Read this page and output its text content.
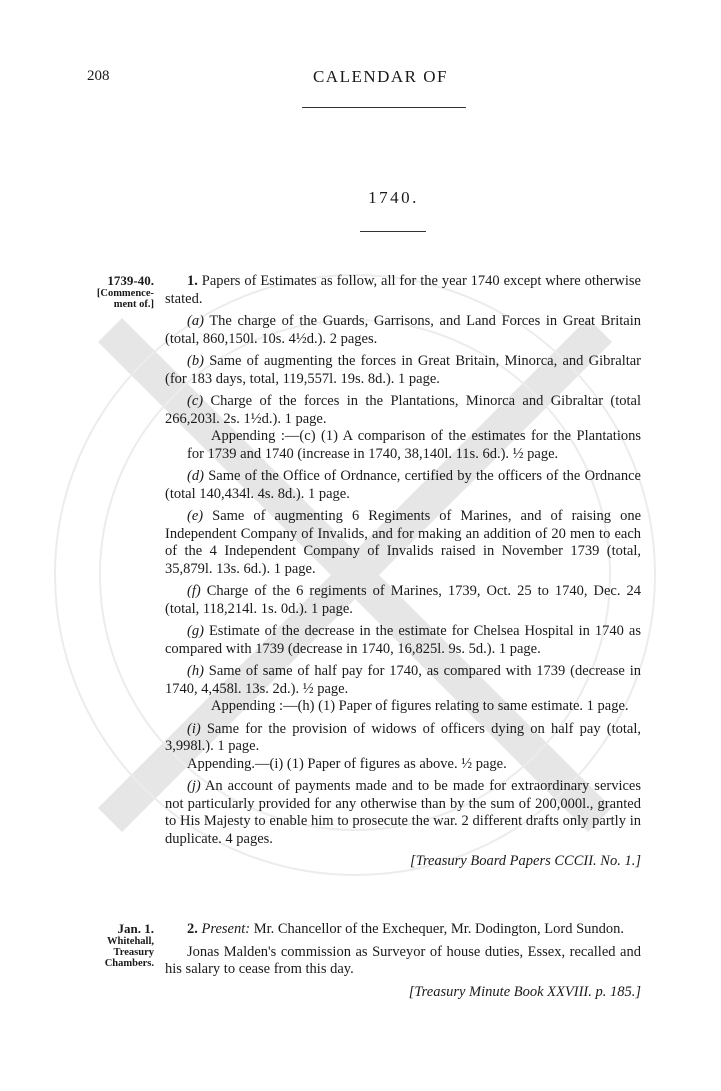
208	CALENDAR OF
1740.
1739-40.
[Commence-
ment of.]

1. Papers of Estimates as follow, all for the year 1740 except where otherwise stated.

(a) The charge of the Guards, Garrisons, and Land Forces in Great Britain (total, 860,150l. 10s. 4½d.). 2 pages.

(b) Same of augmenting the forces in Great Britain, Minorca, and Gibraltar (for 183 days, total, 119,557l. 19s. 8d.). 1 page.

(c) Charge of the forces in the Plantations, Minorca and Gibraltar (total 266,203l. 2s. 1½d.). 1 page.

Appending :—(c) (1) A comparison of the estimates for the Plantations for 1739 and 1740 (increase in 1740, 38,140l. 11s. 6d.). ½ page.

(d) Same of the Office of Ordnance, certified by the officers of the Ordnance (total 140,434l. 4s. 8d.). 1 page.

(e) Same of augmenting 6 Regiments of Marines, and of raising one Independent Company of Invalids, and for making an addition of 20 men to each of the 4 Independent Company of Invalids raised in November 1739 (total, 35,879l. 13s. 6d.). 1 page.

(f) Charge of the 6 regiments of Marines, 1739, Oct. 25 to 1740, Dec. 24 (total, 118,214l. 1s. 0d.). 1 page.

(g) Estimate of the decrease in the estimate for Chelsea Hospital in 1740 as compared with 1739 (decrease in 1740, 16,825l. 9s. 5d.). 1 page.

(h) Same of same of half pay for 1740, as compared with 1739 (decrease in 1740, 4,458l. 13s. 2d.). ½ page.

Appending :—(h) (1) Paper of figures relating to same estimate. 1 page.

(i) Same for the provision of widows of officers dying on half pay (total, 3,998l.). 1 page.

Appending.—(i) (1) Paper of figures as above. ½ page.

(j) An account of payments made and to be made for extraordinary services not particularly provided for any otherwise than by the sum of 200,000l., granted to His Majesty to enable him to prosecute the war. 2 different drafts only partly in duplicate. 4 pages.

[Treasury Board Papers CCCII. No. 1.]

Jan. 1.
Whitehall,
Treasury
Chambers.

2. Present: Mr. Chancellor of the Exchequer, Mr. Dodington, Lord Sundon.

Jonas Malden's commission as Surveyor of house duties, Essex, recalled and his salary to cease from this day.

[Treasury Minute Book XXVIII. p. 185.]
